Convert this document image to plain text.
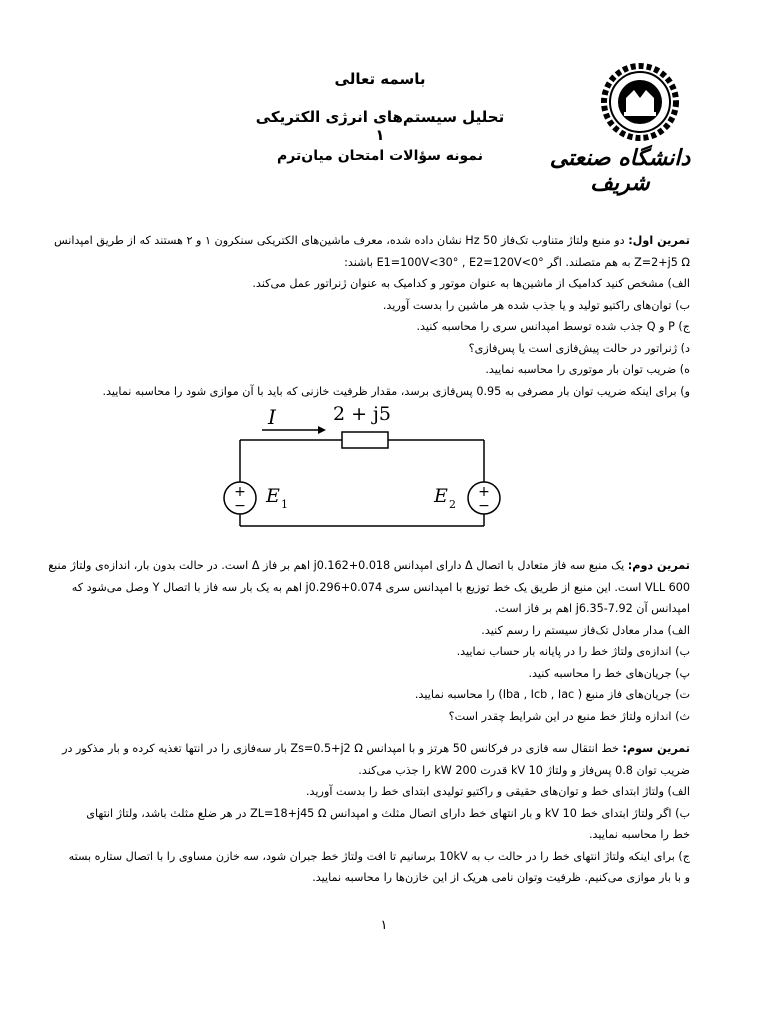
باسمه تعالی
تحلیل سیستم‌های انرژی الکتریکی ۱
نمونه سؤالات امتحان میان‌ترم	دانشگاه صنعتی شریف
تمرین اول: دو منبع ولتاژ متناوب تک‌فاز 50 Hz نشان داده شده، معرف ماشین‌های الکتریکی سنکرون ۱ و ۲ هستند که از طریق امپدانس
Z=2+j5 Ω به هم متصلند. اگر E1=100V<30° , E2=120V<0° باشند:
الف) مشخص کنید کدامیک از ماشین‌ها به عنوان موتور و کدامیک به عنوان ژنراتور عمل می‌کند.
ب) توان‌های راکتیو تولید و یا جذب شده هر ماشین را بدست آورید.
ج) P و Q جذب شده توسط امپدانس سری را محاسبه کنید.
د) ژنراتور در حالت پیش‌فازی است یا پس‌فازی؟
ه) ضریب توان بار موتوری را محاسبه نمایید.
و) برای اینکه ضریب توان بار مصرفی به 0.95 پس‌فازی برسد، مقدار ظرفیت خازنی که باید با آن موازی شود را محاسبه نمایید.
I	2 + j5
+
−
+
−
E 1	E 2
تمرین دوم: یک منبع سه فاز متعادل با اتصال Δ دارای امپدانس 0.018+j0.162 اهم بر فاز Δ است. در حالت بدون بار، اندازه‌ی ولتاژ منبع
600 VLL است. این منبع از طریق یک خط توزیع با امپدانس سری 0.074+j0.296 اهم به یک بار سه فاز با اتصال Y وصل می‌شود که
امپدانس آن 7.92-j6.35 اهم بر فاز است.
الف) مدار معادل تک‌فاز سیستم را رسم کنید.
ب) اندازه‌ی ولتاژ خط را در پایانه بار حساب نمایید.
پ) جریان‌های خط را محاسبه کنید.
ت) جریان‌های فاز منبع ( Iba , Icb , Iac) را محاسبه نمایید.
ث) اندازه ولتاژ خط منبع در این شرایط چقدر است؟
تمرین سوم: خط انتقال سه فازی در فرکانس 50 هرتز و با امپدانس Zs=0.5+j2 Ω بار سه‌فازی را در انتها تغذیه کرده و بار مذکور در
ضریب توان 0.8 پس‌فاز و ولتاژ 10 kV قدرت 200 kW را جذب می‌کند.
الف) ولتاژ ابتدای خط و توان‌های حقیقی و راکتیو تولیدی ابتدای خط را بدست آورید.
ب) اگر ولتاژ ابتدای خط 10 kV و بار انتهای خط دارای اتصال مثلث و امپدانس ZL=18+j45 Ω در هر ضلع مثلث باشد، ولتاژ انتهای
خط را محاسبه نمایید.
ج) برای اینکه ولتاژ انتهای خط را در حالت ب به 10kV برسانیم تا افت ولتاژ خط جبران شود، سه خازن مساوی را با اتصال ستاره بسته
و با بار موازی می‌کنیم. ظرفیت وتوان نامی هریک از این خازن‌ها را محاسبه نمایید.
۱
